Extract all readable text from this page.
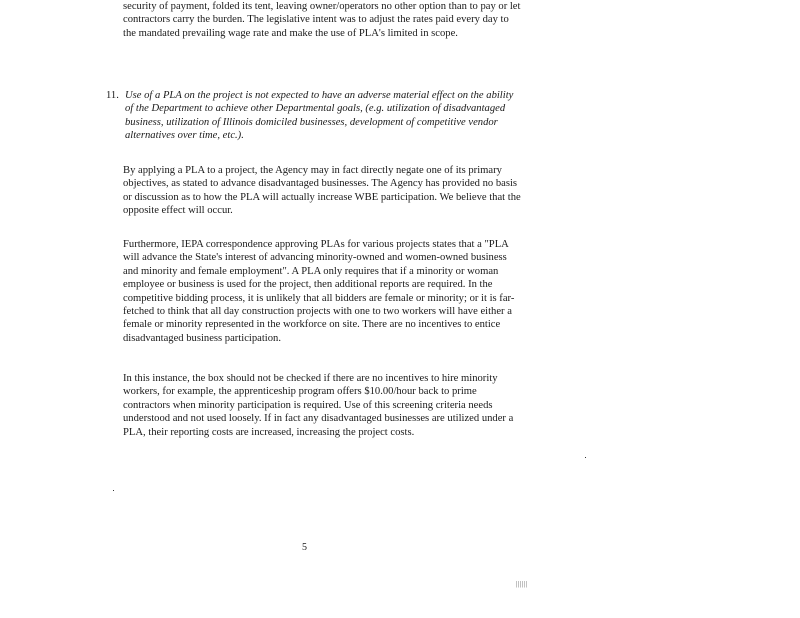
security of payment, folded its tent, leaving owner/operators no other option than to pay or let contractors carry the burden. The legislative intent was to adjust the rates paid every day to the mandated prevailing wage rate and make the use of PLA's limited in scope.

11. Use of a PLA on the project is not expected to have an adverse material effect on the ability of the Department to achieve other Departmental goals, (e.g. utilization of disadvantaged business, utilization of Illinois domiciled businesses, development of competitive vendor alternatives over time, etc.).

By applying a PLA to a project, the Agency may in fact directly negate one of its primary objectives, as stated to advance disadvantaged businesses. The Agency has provided no basis or discussion as to how the PLA will actually increase WBE participation. We believe that the opposite effect will occur.

Furthermore, IEPA correspondence approving PLAs for various projects states that a "PLA will advance the State's interest of advancing minority-owned and women-owned business and minority and female employment". A PLA only requires that if a minority or woman employee or business is used for the project, then additional reports are required. In the competitive bidding process, it is unlikely that all bidders are female or minority; or it is far-fetched to think that all day construction projects with one to two workers will have either a female or minority represented in the workforce on site. There are no incentives to entice disadvantaged business participation.

In this instance, the box should not be checked if there are no incentives to hire minority workers, for example, the apprenticeship program offers $10.00/hour back to prime contractors when minority participation is required. Use of this screening criteria needs understood and not used loosely. If in fact any disadvantaged businesses are utilized under a PLA, their reporting costs are increased, increasing the project costs.

5
||||||
